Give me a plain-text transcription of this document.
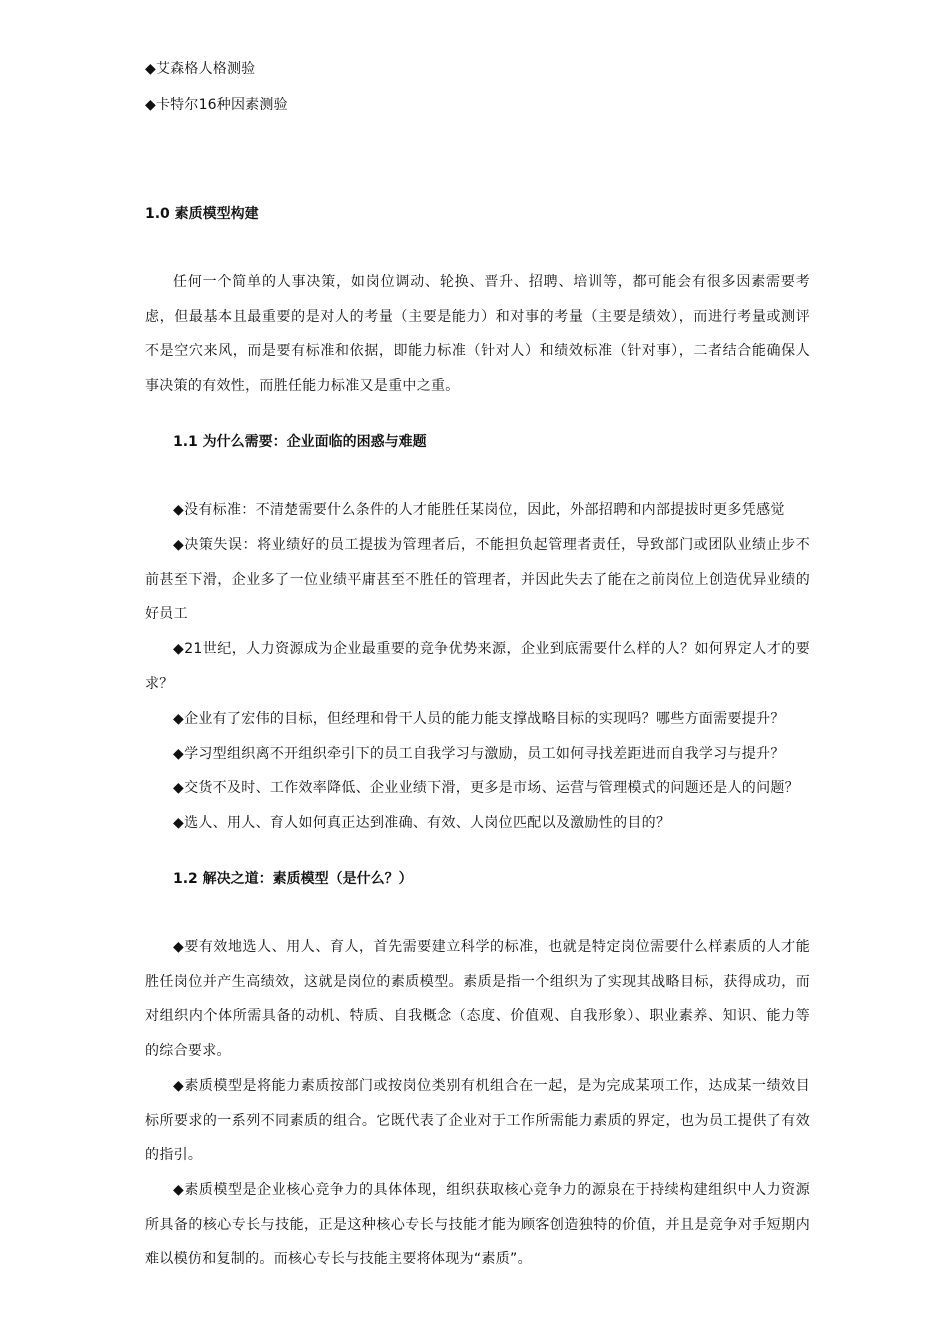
◆艾森格人格测验
◆卡特尔16种因素测验
1.0 素质模型构建
任何一个简单的人事决策，如岗位调动、轮换、晋升、招聘、培训等，都可能会有很多因素需要考虑，但最基本且最重要的是对人的考量（主要是能力）和对事的考量（主要是绩效），而进行考量或测评不是空穴来风，而是要有标准和依据，即能力标准（针对人）和绩效标准（针对事），二者结合能确保人事决策的有效性，而胜任能力标准又是重中之重。
1.1 为什么需要：企业面临的困惑与难题
◆没有标准：不清楚需要什么条件的人才能胜任某岗位，因此，外部招聘和内部提拔时更多凭感觉
◆决策失误：将业绩好的员工提拔为管理者后，不能担负起管理者责任，导致部门或团队业绩止步不前甚至下滑，企业多了一位业绩平庸甚至不胜任的管理者，并因此失去了能在之前岗位上创造优异业绩的好员工
◆21世纪，人力资源成为企业最重要的竞争优势来源，企业到底需要什么样的人？如何界定人才的要求？
◆企业有了宏伟的目标，但经理和骨干人员的能力能支撑战略目标的实现吗？哪些方面需要提升？
◆学习型组织离不开组织牵引下的员工自我学习与激励，员工如何寻找差距进而自我学习与提升？
◆交货不及时、工作效率降低、企业业绩下滑，更多是市场、运营与管理模式的问题还是人的问题？
◆选人、用人、育人如何真正达到准确、有效、人岗位匹配以及激励性的目的？
1.2 解决之道：素质模型（是什么？）
◆要有效地选人、用人、育人，首先需要建立科学的标准，也就是特定岗位需要什么样素质的人才能胜任岗位并产生高绩效，这就是岗位的素质模型。素质是指一个组织为了实现其战略目标，获得成功，而对组织内个体所需具备的动机、特质、自我概念（态度、价值观、自我形象）、职业素养、知识、能力等的综合要求。
◆素质模型是将能力素质按部门或按岗位类别有机组合在一起，是为完成某项工作，达成某一绩效目标所要求的一系列不同素质的组合。它既代表了企业对于工作所需能力素质的界定，也为员工提供了有效的指引。
◆素质模型是企业核心竞争力的具体体现，组织获取核心竞争力的源泉在于持续构建组织中人力资源所具备的核心专长与技能，正是这种核心专长与技能才能为顾客创造独特的价值，并且是竞争对手短期内难以模仿和复制的。而核心专长与技能主要将体现为“素质”。
